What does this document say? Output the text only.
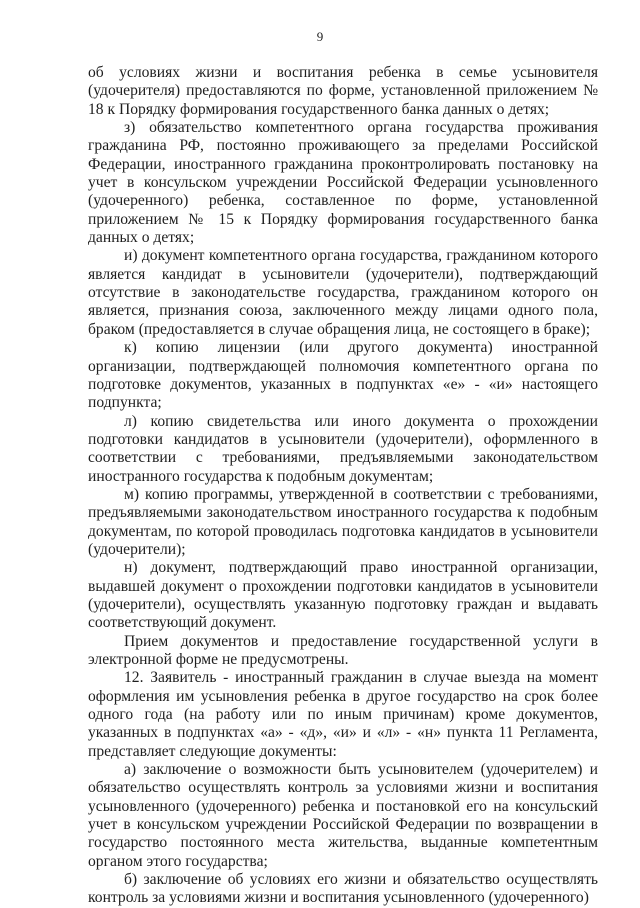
9

об условиях жизни и воспитания ребенка в семье усыновителя (удочерителя) предоставляются по форме, установленной приложением № 18 к Порядку формирования государственного банка данных о детях;

з) обязательство компетентного органа государства проживания гражданина РФ, постоянно проживающего за пределами Российской Федерации, иностранного гражданина проконтролировать постановку на учет в консульском учреждении Российской Федерации усыновленного (удочеренного) ребенка, составленное по форме, установленной приложением № 15 к Порядку формирования государственного банка данных о детях;

и) документ компетентного органа государства, гражданином которого является кандидат в усыновители (удочерители), подтверждающий отсутствие в законодательстве государства, гражданином которого он является, признания союза, заключенного между лицами одного пола, браком (предоставляется в случае обращения лица, не состоящего в браке);

к) копию лицензии (или другого документа) иностранной организации, подтверждающей полномочия компетентного органа по подготовке документов, указанных в подпунктах «е» - «и» настоящего подпункта;

л) копию свидетельства или иного документа о прохождении подготовки кандидатов в усыновители (удочерители), оформленного в соответствии с требованиями, предъявляемыми законодательством иностранного государства к подобным документам;

м) копию программы, утвержденной в соответствии с требованиями, предъявляемыми законодательством иностранного государства к подобным документам, по которой проводилась подготовка кандидатов в усыновители (удочерители);

н) документ, подтверждающий право иностранной организации, выдавшей документ о прохождении подготовки кандидатов в усыновители (удочерители), осуществлять указанную подготовку граждан и выдавать соответствующий документ.

Прием документов и предоставление государственной услуги в электронной форме не предусмотрены.

12. Заявитель - иностранный гражданин в случае выезда на момент оформления им усыновления ребенка в другое государство на срок более одного года (на работу или по иным причинам) кроме документов, указанных в подпунктах «а» - «д», «и» и «л» - «н» пункта 11 Регламента, представляет следующие документы:

а) заключение о возможности быть усыновителем (удочерителем) и обязательство осуществлять контроль за условиями жизни и воспитания усыновленного (удочеренного) ребенка и постановкой его на консульский учет в консульском учреждении Российской Федерации по возвращении в государство постоянного места жительства, выданные компетентным органом этого государства;

б) заключение об условиях его жизни и обязательство осуществлять контроль за условиями жизни и воспитания усыновленного (удочеренного)
